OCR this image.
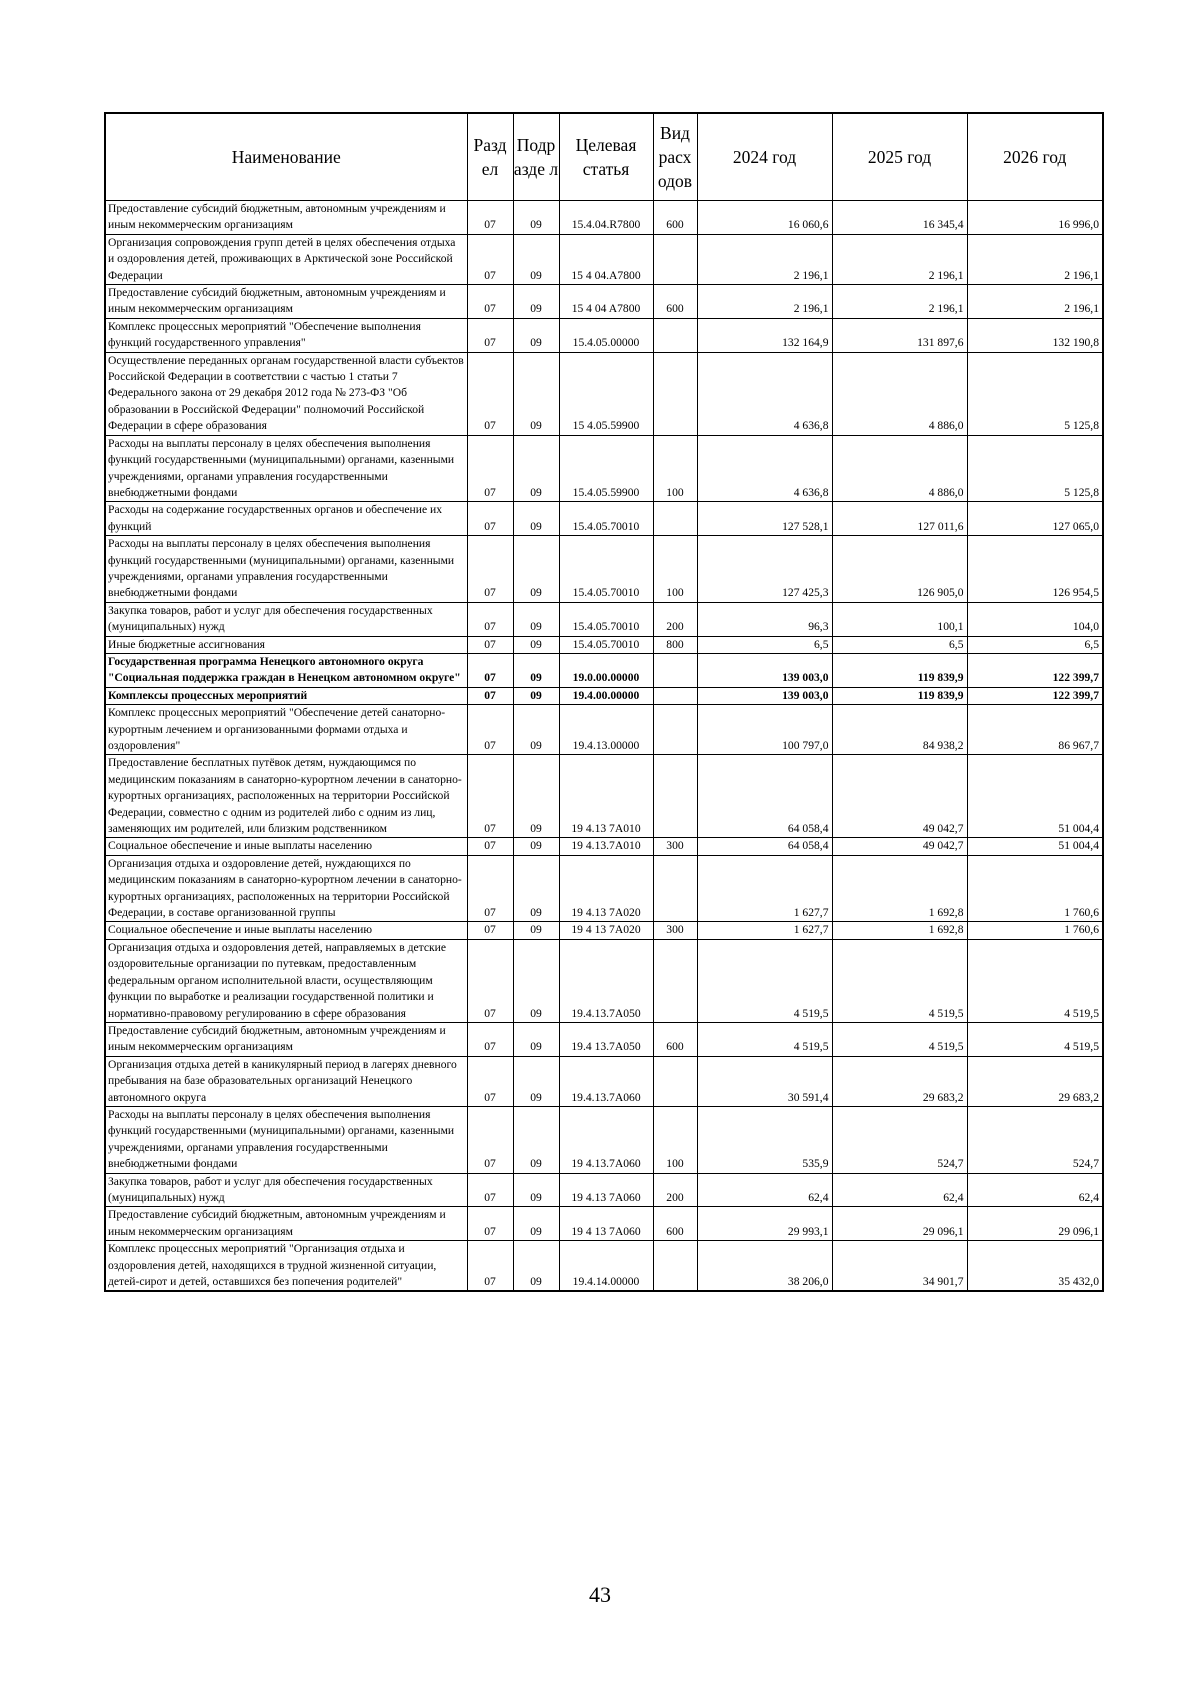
Наименование	Разд ел	Подр азде л	Целевая статья	Вид расх одов	2024 год	2025 год	2026 год
Предоставление субсидий бюджетным, автономным учреждениям и иным некоммерческим организациям	07	09	15.4.04.R7800	600	16 060,6	16 345,4	16 996,0
Организация сопровождения групп детей в целях обеспечения отдыха и оздоровления детей, проживающих в Арктической зоне Российской Федерации	07	09	15 4 04.A7800		2 196,1	2 196,1	2 196,1
Предоставление субсидий бюджетным, автономным учреждениям и иным некоммерческим организациям	07	09	15 4 04 A7800	600	2 196,1	2 196,1	2 196,1
Комплекс процессных мероприятий "Обеспечение выполнения функций государственного управления"	07	09	15.4.05.00000		132 164,9	131 897,6	132 190,8
Осуществление переданных органам государственной власти субъектов Российской Федерации в соответствии с частью 1 статьи 7 Федерального закона от 29 декабря 2012 года № 273-ФЗ "Об образовании в Российской Федерации" полномочий Российской Федерации в сфере образования	07	09	15 4.05.59900		4 636,8	4 886,0	5 125,8
Расходы на выплаты персоналу в целях обеспечения выполнения функций государственными (муниципальными) органами, казенными учреждениями, органами управления государственными внебюджетными фондами	07	09	15.4.05.59900	100	4 636,8	4 886,0	5 125,8
Расходы на содержание государственных органов и обеспечение их функций	07	09	15.4.05.70010		127 528,1	127 011,6	127 065,0
Расходы на выплаты персоналу в целях обеспечения выполнения функций государственными (муниципальными) органами, казенными учреждениями, органами управления государственными внебюджетными фондами	07	09	15.4.05.70010	100	127 425,3	126 905,0	126 954,5
Закупка товаров, работ и услуг для обеспечения государственных (муниципальных) нужд	07	09	15.4.05.70010	200	96,3	100,1	104,0
Иные бюджетные ассигнования	07	09	15.4.05.70010	800	6,5	6,5	6,5
Государственная программа Ненецкого автономного округа "Социальная поддержка граждан в Ненецком автономном округе"	07	09	19.0.00.00000		139 003,0	119 839,9	122 399,7
Комплексы процессных мероприятий	07	09	19.4.00.00000		139 003,0	119 839,9	122 399,7
Комплекс процессных мероприятий "Обеспечение детей санаторно-курортным лечением и организованными формами отдыха и оздоровления"	07	09	19.4.13.00000		100 797,0	84 938,2	86 967,7
Предоставление бесплатных путёвок детям, нуждающимся по медицинским показаниям в санаторно-курортном лечении в санаторно-курортных организациях, расположенных на территории Российской Федерации, совместно с одним из родителей либо с одним из лиц, заменяющих им родителей, или близким родственником	07	09	19 4.13 7A010		64 058,4	49 042,7	51 004,4
Социальное обеспечение и иные выплаты населению	07	09	19 4.13.7A010	300	64 058,4	49 042,7	51 004,4
Организация отдыха и оздоровление детей, нуждающихся по медицинским показаниям в санаторно-курортном лечении в санаторно-курортных организациях, расположенных на территории Российской Федерации, в составе организованной группы	07	09	19 4.13 7A020		1 627,7	1 692,8	1 760,6
Социальное обеспечение и иные выплаты населению	07	09	19 4 13 7A020	300	1 627,7	1 692,8	1 760,6
Организация отдыха и оздоровления детей, направляемых в детские оздоровительные организации по путевкам, предоставленным федеральным органом исполнительной власти, осуществляющим функции по выработке и реализации государственной политики и нормативно-правовому регулированию в сфере образования	07	09	19.4.13.7A050		4 519,5	4 519,5	4 519,5
Предоставление субсидий бюджетным, автономным учреждениям и иным некоммерческим организациям	07	09	19.4 13.7A050	600	4 519,5	4 519,5	4 519,5
Организация отдыха детей в каникулярный период в лагерях дневного пребывания на базе образовательных организаций Ненецкого автономного округа	07	09	19.4.13.7A060		30 591,4	29 683,2	29 683,2
Расходы на выплаты персоналу в целях обеспечения выполнения функций государственными (муниципальными) органами, казенными учреждениями, органами управления государственными внебюджетными фондами	07	09	19 4.13.7A060	100	535,9	524,7	524,7
Закупка товаров, работ и услуг для обеспечения государственных (муниципальных) нужд	07	09	19 4.13 7A060	200	62,4	62,4	62,4
Предоставление субсидий бюджетным, автономным учреждениям и иным некоммерческим организациям	07	09	19 4 13 7A060	600	29 993,1	29 096,1	29 096,1
Комплекс процессных мероприятий "Организация отдыха и оздоровления детей, находящихся в трудной жизненной ситуации, детей-сирот и детей, оставшихся без попечения родителей"	07	09	19.4.14.00000		38 206,0	34 901,7	35 432,0
43
